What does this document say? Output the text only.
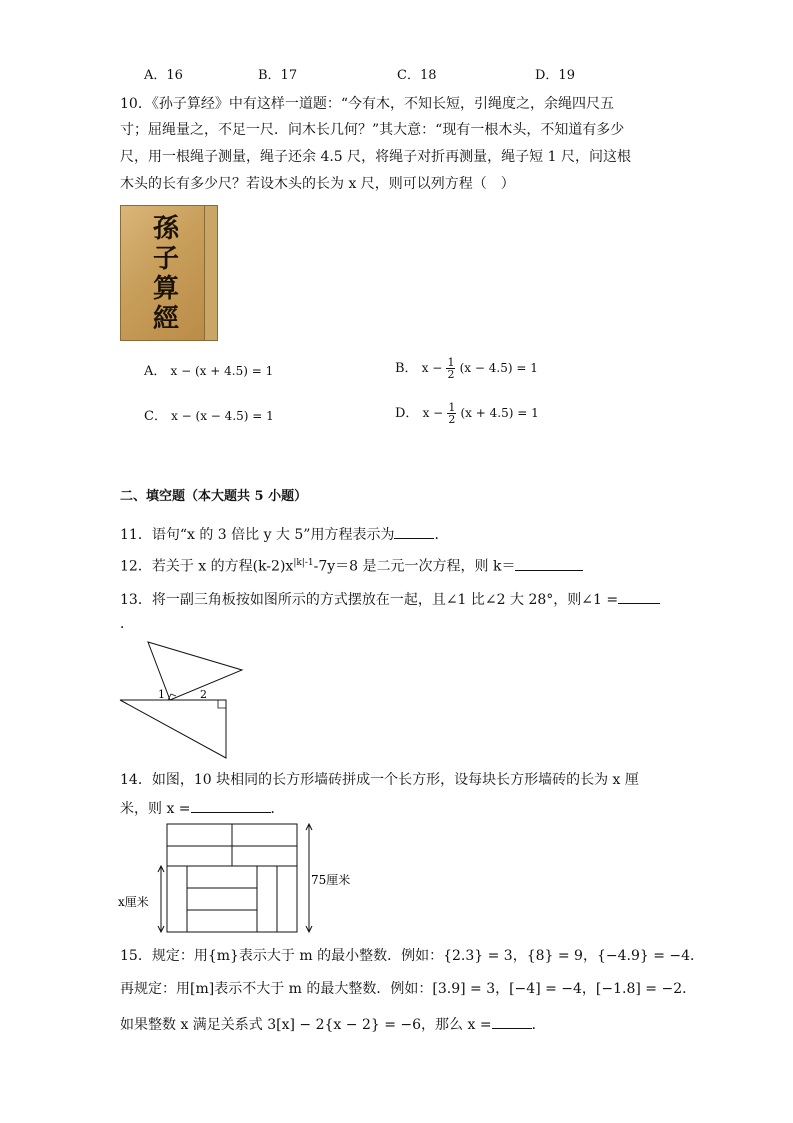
A．16	B．17	C．18	D．19
10．《孙子算经》中有这样一道题：“今有木，不知长短，引绳度之，余绳四尺五
寸；屈绳量之，不足一尺．问木长几何？”其大意：“现有一根木头，不知道有多少
尺，用一根绳子测量，绳子还余 4.5 尺，将绳子对折再测量，绳子短 1 尺，问这根
木头的长有多少尺？若设木头的长为 x 尺，则可以列方程（　）
孫子算經
A． x − (x + 4.5) = 1	B． $x - \frac{1}{2} (x - 4.5) = 1$
C． x − (x − 4.5) = 1	D． $x - \frac{1}{2} (x + 4.5) = 1$
二、填空题（本大题共 5 小题）
11．语句“x 的 3 倍比 y 大 5”用方程表示为	．
12．若关于 x 的方程$(k-2)x^{|k|-1}-7y=8$ 是二元一次方程，则 k＝
13．将一副三角板按如图所示的方式摆放在一起，且∠1 比∠2 大 28°，则∠1 =
．
1	2
14．如图，10 块相同的长方形墙砖拼成一个长方形，设每块长方形墙砖的长为 x 厘
米，则 x =	．
75厘米
x厘米
15．规定：用{m}表示大于 m 的最小整数．例如：{2.3} = 3，{8} = 9，{−4.9} = −4．
再规定：用[m]表示不大于 m 的最大整数．例如：[3.9] = 3，[−4] = −4，[−1.8] = −2．
如果整数 x 满足关系式 3[x] − 2{x − 2} = −6，那么 x =	．
